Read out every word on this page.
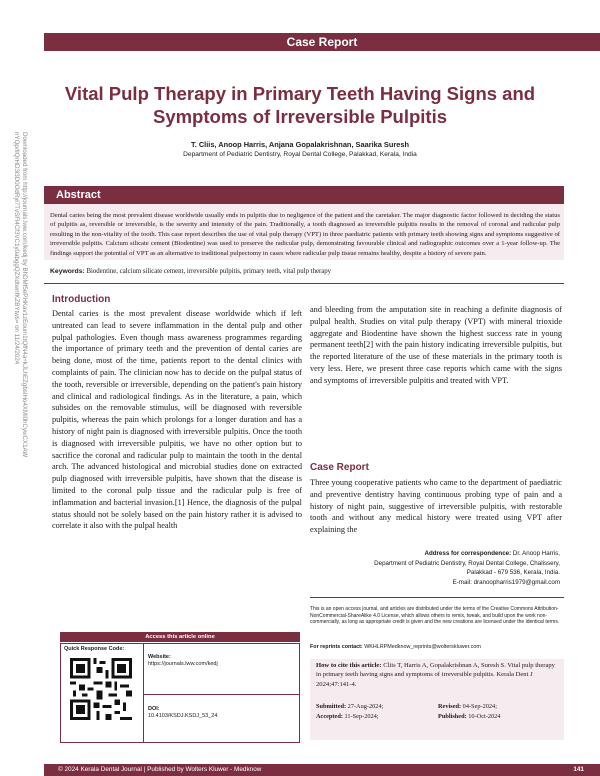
Case Report
Downloaded from http://journals.lww.com/kedj by BhDMf5ePHKav1zEoum1tQfN4a+kJLhEZgbsIHo4XMi0hCywCX1AW nYQp/IlQrHD3i3D0OdRyi7TvSFl4Cf3VC1y0abggQZXdtwnfKZBYtws= on 11/24/2024
Vital Pulp Therapy in Primary Teeth Having Signs and Symptoms of Irreversible Pulpitis
T. Cliis, Anoop Harris, Anjana Gopalakrishnan, Saarika Suresh
Department of Pediatric Dentistry, Royal Dental College, Palakkad, Kerala, India
Abstract

Dental caries being the most prevalent disease worldwide usually ends in pulpitis due to negligence of the patient and the caretaker. The major diagnostic factor followed in deciding the status of pulpitis as, reversible or irreversible, is the severity and intensity of the pain. Traditionally, a tooth diagnosed as irreversible pulpitis results in the removal of coronal and radicular pulp resulting in the non-vitality of the tooth. This case report describes the use of vital pulp therapy (VPT) in three paediatric patients with primary teeth showing signs and symptoms suggestive of irreversible pulpitis. Calcium silicate cement (Biodentine) was used to preserve the radicular pulp, demonstrating favourable clinical and radiographic outcomes over a 1-year follow-up. The findings support the potential of VPT as an alternative to traditional pulpectomy in cases where radicular pulp tissue remains healthy, despite a history of severe pain.

Keywords: Biodentine, calcium silicate cement, irreversible pulpitis, primary teeth, vital pulp therapy
Introduction

Dental caries is the most prevalent disease worldwide which if left untreated can lead to severe inflammation in the dental pulp and other pulpal pathologies. Even though mass awareness programmes regarding the importance of primary teeth and the prevention of dental caries are being done, most of the time, patients report to the dental clinics with complaints of pain. The clinician now has to decide on the pulpal status of the tooth, reversible or irreversible, depending on the patient's pain history and clinical and radiological findings. As in the literature, a pain, which subsides on the removable stimulus, will be diagnosed with reversible pulpitis, whereas the pain which prolongs for a longer duration and has a history of night pain is diagnosed with irreversible pulpitis. Once the tooth is diagnosed with irreversible pulpitis, we have no other option but to sacrifice the coronal and radicular pulp to maintain the tooth in the dental arch. The advanced histological and microbial studies done on extracted pulp diagnosed with irreversible pulpitis, have shown that the disease is limited to the coronal pulp tissue and the radicular pulp is free of inflammation and bacterial invasion.[1] Hence, the diagnosis of the pulpal status should not be solely based on the pain history rather it is advised to correlate it also with the pulpal health

and bleeding from the amputation site in reaching a definite diagnosis of pulpal health. Studies on vital pulp therapy (VPT) with mineral trioxide aggregate and Biodentine have shown the highest success rate in young permanent teeth[2] with the pain history indicating irreversible pulpitis, but the reported literature of the use of these materials in the primary tooth is very less. Here, we present three case reports which came with the signs and symptoms of irreversible pulpitis and treated with VPT.

Case Report

Three young cooperative patients who came to the department of paediatric and preventive dentistry having continuous probing type of pain and a history of night pain, suggestive of irreversible pulpitis, with restorable tooth and without any medical history were treated using VPT after explaining the

Address for correspondence: Dr. Anoop Harris,
Department of Pediatric Dentistry, Royal Dental College, Chalissery,
Palakkad - 679 536, Kerala, India.
E-mail: dranoopharris1979@gmail.com

This is an open access journal, and articles are distributed under the terms of the Creative Commons Attribution-NonCommercial-ShareAlike 4.0 License, which allows others to remix, tweak, and build upon the work non-commercially, as long as appropriate credit is given and the new creations are licensed under the identical terms.

For reprints contact: WKHLRPMedknow_reprints@wolterskluwer.com

How to cite this article: Cliis T, Harris A, Gopalakrishnan A, Suresh S. Vital pulp therapy in primary teeth having signs and symptoms of irreversible pulpitis. Kerala Dent J 2024;47:141-4.

Submitted: 27-Aug-2024;	Revised: 04-Sep-2024;
Accepted: 11-Sep-2024;	Published: 10-Oct-2024
Access this article online
Quick Response Code:
Website:
https://journals.lww.com/kedj
DOI:
10.4103/KSDJ.KSDJ_53_24
© 2024 Kerala Dental Journal | Published by Wolters Kluwer - Medknow	141
